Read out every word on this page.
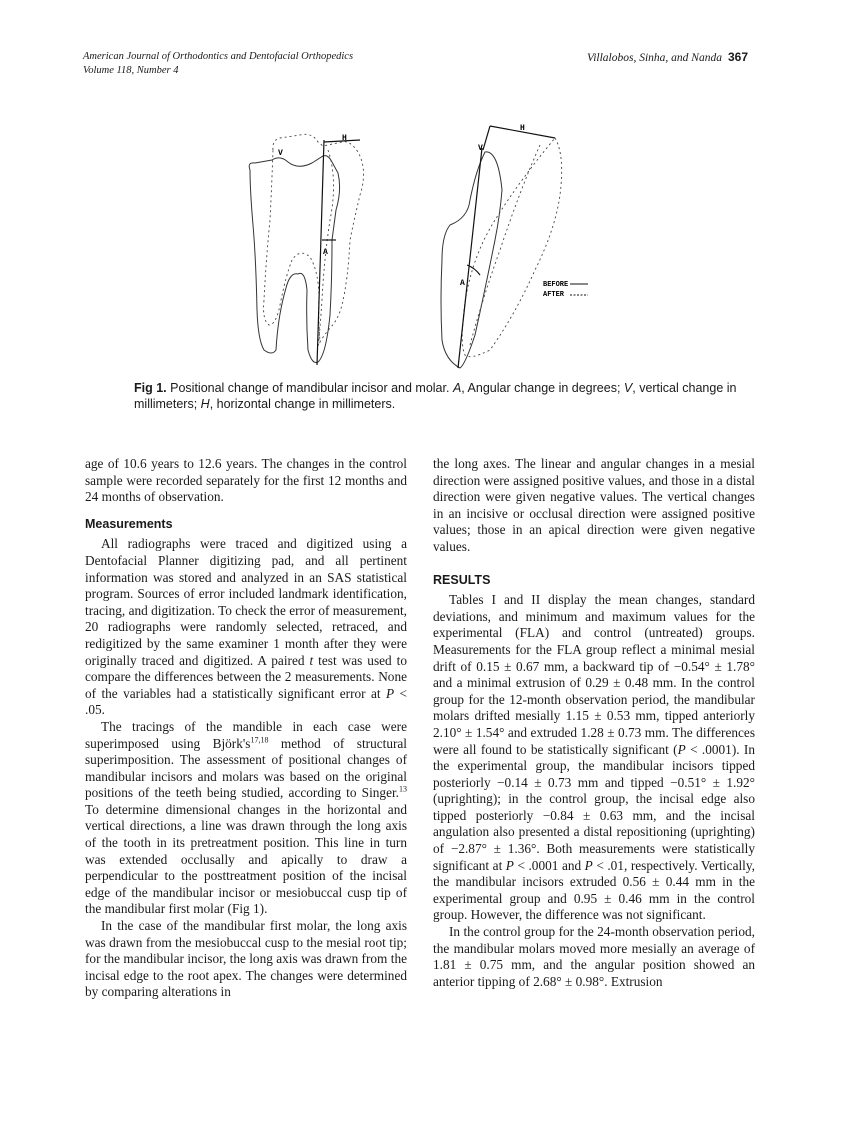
American Journal of Orthodontics and Dentofacial Orthopedics
Volume 118, Number 4
Villalobos, Sinha, and Nanda 367
V
H
A
V
H
A	BEFORE
AFTER
Fig 1. Positional change of mandibular incisor and molar. A, Angular change in degrees; V, vertical change in millimeters; H, horizontal change in millimeters.

age of 10.6 years to 12.6 years. The changes in the control sample were recorded separately for the first 12 months and 24 months of observation.

Measurements

All radiographs were traced and digitized using a Dentofacial Planner digitizing pad, and all pertinent information was stored and analyzed in an SAS statistical program. Sources of error included landmark identification, tracing, and digitization. To check the error of measurement, 20 radiographs were randomly selected, retraced, and redigitized by the same examiner 1 month after they were originally traced and digitized. A paired t test was used to compare the differences between the 2 measurements. None of the variables had a statistically significant error at P < .05.

The tracings of the mandible in each case were superimposed using $Björk's^{17,18}$ method of structural superimposition. The assessment of positional changes of mandibular incisors and molars was based on the original positions of the teeth being studied, according to Singer.$^{13}$ To determine dimensional changes in the horizontal and vertical directions, a line was drawn through the long axis of the tooth in its pretreatment position. This line in turn was extended occlusally and apically to draw a perpendicular to the posttreatment position of the incisal edge of the mandibular incisor or mesiobuccal cusp tip of the mandibular first molar (Fig 1).

In the case of the mandibular first molar, the long axis was drawn from the mesiobuccal cusp to the mesial root tip; for the mandibular incisor, the long axis was drawn from the incisal edge to the root apex. The changes were determined by comparing alterations in

the long axes. The linear and angular changes in a mesial direction were assigned positive values, and those in a distal direction were given negative values. The vertical changes in an incisive or occlusal direction were assigned positive values; those in an apical direction were given negative values.

RESULTS

Tables I and II display the mean changes, standard deviations, and minimum and maximum values for the experimental (FLA) and control (untreated) groups. Measurements for the FLA group reflect a minimal mesial drift of 0.15 ± 0.67 mm, a backward tip of −0.54° ± 1.78° and a minimal extrusion of 0.29 ± 0.48 mm. In the control group for the 12-month observation period, the mandibular molars drifted mesially 1.15 ± 0.53 mm, tipped anteriorly 2.10° ± 1.54° and extruded 1.28 ± 0.73 mm. The differences were all found to be statistically significant (P < .0001). In the experimental group, the mandibular incisors tipped posteriorly −0.14 ± 0.73 mm and tipped −0.51° ± 1.92° (uprighting); in the control group, the incisal edge also tipped posteriorly −0.84 ± 0.63 mm, and the incisal angulation also presented a distal repositioning (uprighting) of −2.87° ± 1.36°. Both measurements were statistically significant at P < .0001 and P < .01, respectively. Vertically, the mandibular incisors extruded 0.56 ± 0.44 mm in the experimental group and 0.95 ± 0.46 mm in the control group. However, the difference was not significant.

In the control group for the 24-month observation period, the mandibular molars moved more mesially an average of 1.81 ± 0.75 mm, and the angular position showed an anterior tipping of 2.68° ± 0.98°. Extrusion
